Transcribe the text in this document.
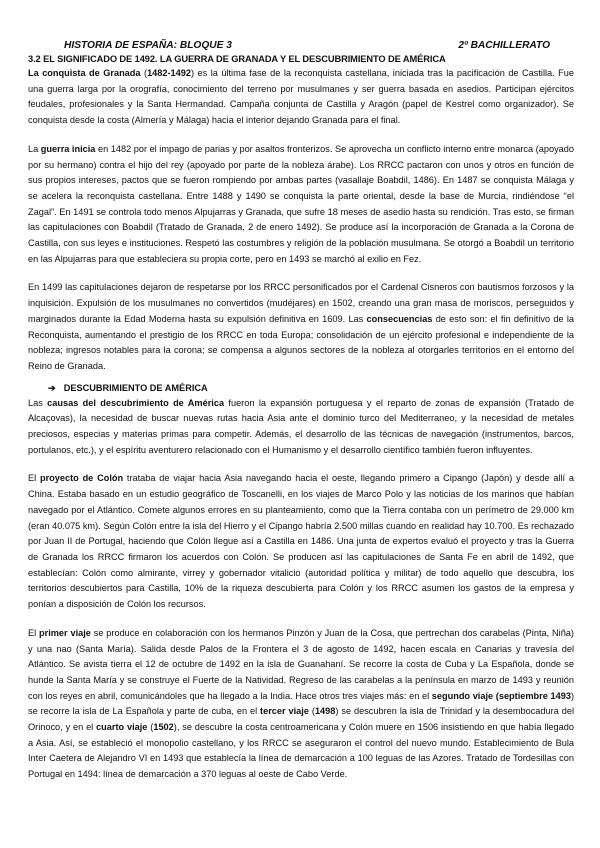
HISTORIA DE ESPAÑA: BLOQUE 3	2º BACHILLERATO
3.2 EL SIGNIFICADO DE 1492. LA GUERRA DE GRANADA Y EL DESCUBRIMIENTO DE AMÉRICA

La conquista de Granada (1482-1492) es la última fase de la reconquista castellana, iniciada tras la pacificación de Castilla. Fue una guerra larga por la orografía, conocimiento del terreno por musulmanes y ser guerra basada en asedios. Participan ejércitos feudales, profesionales y la Santa Hermandad. Campaña conjunta de Castilla y Aragón (papel de Kestrel como organizador). Se conquista desde la costa (Almería y Málaga) hacia el interior dejando Granada para el final.

La guerra inicia en 1482 por el impago de parias y por asaltos fronterizos. Se aprovecha un conflicto interno entre monarca (apoyado por su hermano) contra el hijo del rey (apoyado por parte de la nobleza árabe). Los RRCC pactaron con unos y otros en función de sus propios intereses, pactos que se fueron rompiendo por ambas partes (vasallaje Boabdil, 1486). En 1487 se conquista Málaga y se acelera la reconquista castellana. Entre 1488 y 1490 se conquista la parte oriental, desde la base de Murcia, rindiéndose “el Zagal”. En 1491 se controla todo menos Alpujarras y Granada, que sufre 18 meses de asedio hasta su rendición. Tras esto, se firman las capitulaciones con Boabdil (Tratado de Granada, 2 de enero 1492). Se produce así la incorporación de Granada a la Corona de Castilla, con sus leyes e instituciones. Respetó las costumbres y religión de la población musulmana. Se otorgó a Boabdil un territorio en las Alpujarras para que estableciera su propia corte, pero en 1493 se marchó al exilio en Fez.

En 1499 las capitulaciones dejaron de respetarse por los RRCC personificados por el Cardenal Cisneros con bautismos forzosos y la inquisición. Expulsión de los musulmanes no convertidos (mudéjares) en 1502, creando una gran masa de moriscos, perseguidos y marginados durante la Edad Moderna hasta su expulsión definitiva en 1609. Las consecuencias de esto son: el fin definitivo de la Reconquista, aumentando el prestigio de los RRCC en toda Europa; consolidación de un ejército profesional e independiente de la nobleza; ingresos notables para la corona; se compensa a algunos sectores de la nobleza al otorgarles territorios en el entorno del Reino de Granada.

➔ DESCUBRIMIENTO DE AMÉRICA

Las causas del descubrimiento de América fueron la expansión portuguesa y el reparto de zonas de expansión (Tratado de Alcaçovas), la necesidad de buscar nuevas rutas hacia Asia ante el dominio turco del Mediterraneo, y la necesidad de metales preciosos, especias y materias primas para competir. Además, el desarrollo de las técnicas de navegación (instrumentos, barcos, portulanos, etc.), y el espíritu aventurero relacionado con el Humanismo y el desarrollo científico también fueron influyentes.

El proyecto de Colón trataba de viajar hacia Asia navegando hacia el oeste, llegando primero a Cipango (Japón) y desde allí a China. Estaba basado en un estudio geográfico de Toscanelli, en los viajes de Marco Polo y las noticias de los marinos que habían navegado por el Atlántico. Comete algunos errores en su planteamiento, como que la Tierra contaba con un perímetro de 29.000 km (eran 40.075 km). Según Colón entre la isla del Hierro y el Cipango habría 2.500 millas cuando en realidad hay 10.700. Es rechazado por Juan II de Portugal, haciendo que Colón llegue así a Castilla en 1486. Una junta de expertos evaluó el proyecto y tras la Guerra de Granada los RRCC firmaron los acuerdos con Colón. Se producen así las capitulaciones de Santa Fe en abril de 1492, que establecían: Colón como almirante, virrey y gobernador vitalicio (autoridad política y militar) de todo aquello que descubra, los territorios descubiertos para Castilla, 10% de la riqueza descubierta para Colón y los RRCC asumen los gastos de la empresa y ponían a disposición de Colón los recursos.

El primer viaje se produce en colaboración con los hermanos Pinzón y Juan de la Cosa, que pertrechan dos carabelas (Pinta, Niña) y una nao (Santa María). Salida desde Palos de la Frontera el 3 de agosto de 1492, hacen escala en Canarias y travesía del Atlántico. Se avista tierra el 12 de octubre de 1492 en la isla de Guanahaní. Se recorre la costa de Cuba y La Española, donde se hunde la Santa María y se construye el Fuerte de la Natividad. Regreso de las carabelas a la península en marzo de 1493 y reunión con los reyes en abril, comunicándoles que ha llegado a la India. Hace otros tres viajes más: en el segundo viaje (septiembre 1493) se recorre la isla de La Española y parte de cuba, en el tercer viaje (1498) se descubren la isla de Trinidad y la desembocadura del Orinoco, y en el cuarto viaje (1502), se descubre la costa centroamericana y Colón muere en 1506 insistiendo en que había llegado a Asia. Así, se estableció el monopolio castellano, y los RRCC se aseguraron el control del nuevo mundo. Establecimiento de Bula Inter Caetera de Alejandro VI en 1493 que establecía la línea de demarcación a 100 leguas de las Azores. Tratado de Tordesillas con Portugal en 1494: línea de demarcación a 370 leguas al oeste de Cabo Verde.
